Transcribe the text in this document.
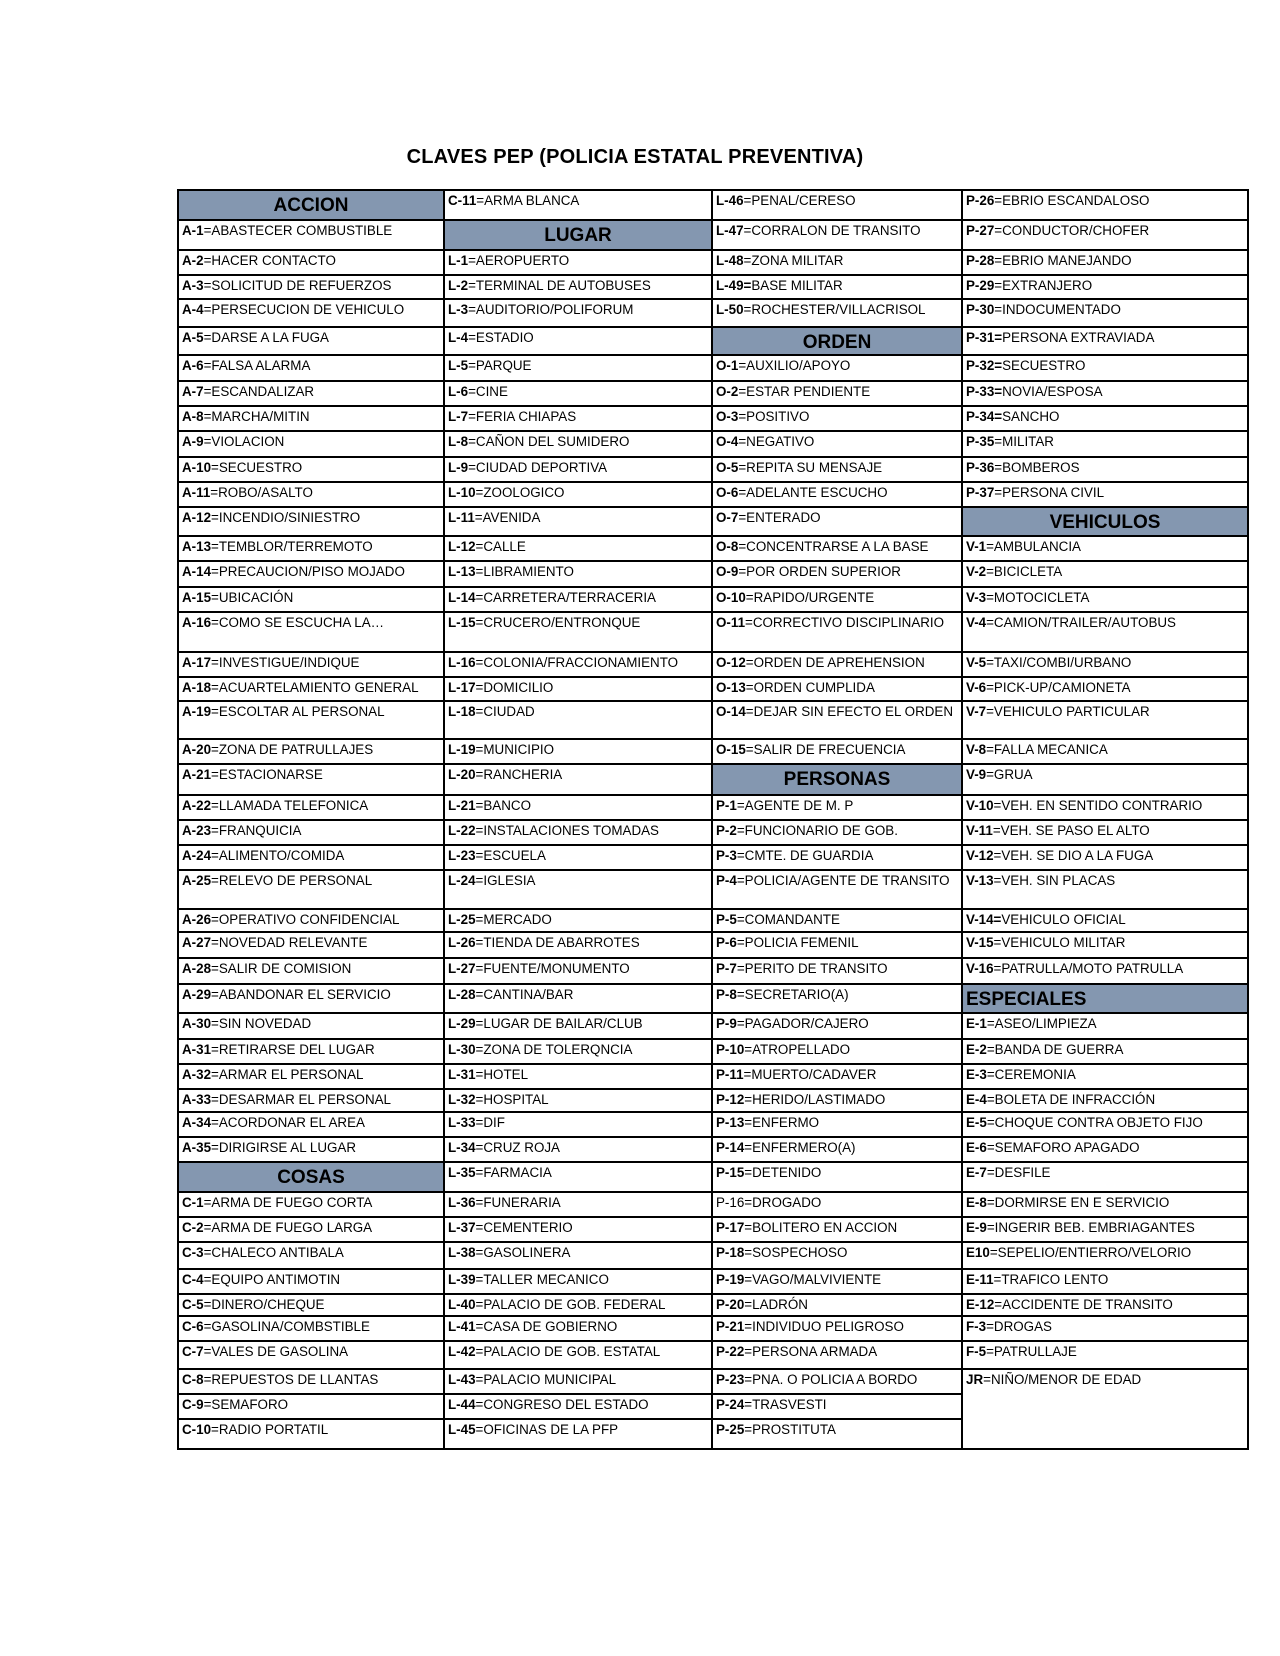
CLAVES PEP (POLICIA ESTATAL PREVENTIVA)
ACCION
A-1=ABASTECER COMBUSTIBLE
A-2=HACER CONTACTO
A-3=SOLICITUD DE REFUERZOS
A-4=PERSECUCION DE VEHICULO
A-5=DARSE A LA FUGA
A-6=FALSA ALARMA
A-7=ESCANDALIZAR
A-8=MARCHA/MITIN
A-9=VIOLACION
A-10=SECUESTRO
A-11=ROBO/ASALTO
A-12=INCENDIO/SINIESTRO
A-13=TEMBLOR/TERREMOTO
A-14=PRECAUCION/PISO MOJADO
A-15=UBICACIÓN
A-16=COMO SE ESCUCHA LA…
A-17=INVESTIGUE/INDIQUE
A-18=ACUARTELAMIENTO GENERAL
A-19=ESCOLTAR AL PERSONAL
A-20=ZONA DE PATRULLAJES
A-21=ESTACIONARSE
A-22=LLAMADA TELEFONICA
A-23=FRANQUICIA
A-24=ALIMENTO/COMIDA
A-25=RELEVO DE PERSONAL
A-26=OPERATIVO CONFIDENCIAL
A-27=NOVEDAD RELEVANTE
A-28=SALIR DE COMISION
A-29=ABANDONAR EL SERVICIO
A-30=SIN NOVEDAD
A-31=RETIRARSE DEL LUGAR
A-32=ARMAR EL PERSONAL
A-33=DESARMAR EL PERSONAL
A-34=ACORDONAR EL AREA
A-35=DIRIGIRSE AL LUGAR
COSAS
C-1=ARMA DE FUEGO CORTA
C-2=ARMA DE FUEGO LARGA
C-3=CHALECO ANTIBALA
C-4=EQUIPO ANTIMOTIN
C-5=DINERO/CHEQUE
C-6=GASOLINA/COMBSTIBLE
C-7=VALES DE GASOLINA
C-8=REPUESTOS DE LLANTAS
C-9=SEMAFORO
C-10=RADIO PORTATIL
C-11=ARMA BLANCA
LUGAR
L-1=AEROPUERTO
L-2=TERMINAL DE AUTOBUSES
L-3=AUDITORIO/POLIFORUM
L-4=ESTADIO
L-5=PARQUE
L-6=CINE
L-7=FERIA CHIAPAS
L-8=CAÑON DEL SUMIDERO
L-9=CIUDAD DEPORTIVA
L-10=ZOOLOGICO
L-11=AVENIDA
L-12=CALLE
L-13=LIBRAMIENTO
L-14=CARRETERA/TERRACERIA
L-15=CRUCERO/ENTRONQUE
L-16=COLONIA/FRACCIONAMIENTO
L-17=DOMICILIO
L-18=CIUDAD
L-19=MUNICIPIO
L-20=RANCHERIA
L-21=BANCO
L-22=INSTALACIONES TOMADAS
L-23=ESCUELA
L-24=IGLESIA
L-25=MERCADO
L-26=TIENDA DE ABARROTES
L-27=FUENTE/MONUMENTO
L-28=CANTINA/BAR
L-29=LUGAR DE BAILAR/CLUB
L-30=ZONA DE TOLERQNCIA
L-31=HOTEL
L-32=HOSPITAL
L-33=DIF
L-34=CRUZ ROJA
L-35=FARMACIA
L-36=FUNERARIA
L-37=CEMENTERIO
L-38=GASOLINERA
L-39=TALLER MECANICO
L-40=PALACIO DE GOB. FEDERAL
L-41=CASA DE GOBIERNO
L-42=PALACIO DE GOB. ESTATAL
L-43=PALACIO MUNICIPAL
L-44=CONGRESO DEL ESTADO
L-45=OFICINAS DE LA PFP
L-46=PENAL/CERESO
L-47=CORRALON DE TRANSITO
L-48=ZONA MILITAR
L-49=BASE MILITAR
L-50=ROCHESTER/VILLACRISOL
ORDEN
O-1=AUXILIO/APOYO
O-2=ESTAR PENDIENTE
O-3=POSITIVO
O-4=NEGATIVO
O-5=REPITA SU MENSAJE
O-6=ADELANTE ESCUCHO
O-7=ENTERADO
O-8=CONCENTRARSE A LA BASE
O-9=POR ORDEN SUPERIOR
O-10=RAPIDO/URGENTE
O-11=CORRECTIVO DISCIPLINARIO
O-12=ORDEN DE APREHENSION
O-13=ORDEN CUMPLIDA
O-14=DEJAR SIN EFECTO EL ORDEN
O-15=SALIR DE FRECUENCIA
PERSONAS
P-1=AGENTE DE M. P
P-2=FUNCIONARIO DE GOB.
P-3=CMTE. DE GUARDIA
P-4=POLICIA/AGENTE DE TRANSITO
P-5=COMANDANTE
P-6=POLICIA FEMENIL
P-7=PERITO DE TRANSITO
P-8=SECRETARIO(A)
P-9=PAGADOR/CAJERO
P-10=ATROPELLADO
P-11=MUERTO/CADAVER
P-12=HERIDO/LASTIMADO
P-13=ENFERMO
P-14=ENFERMERO(A)
P-15=DETENIDO
P-16=DROGADO
P-17=BOLITERO EN ACCION
P-18=SOSPECHOSO
P-19=VAGO/MALVIVIENTE
P-20=LADRÓN
P-21=INDIVIDUO PELIGROSO
P-22=PERSONA ARMADA
P-23=PNA. O POLICIA A BORDO
P-24=TRASVESTI
P-25=PROSTITUTA
P-26=EBRIO ESCANDALOSO
P-27=CONDUCTOR/CHOFER
P-28=EBRIO MANEJANDO
P-29=EXTRANJERO
P-30=INDOCUMENTADO
P-31=PERSONA EXTRAVIADA
P-32=SECUESTRO
P-33=NOVIA/ESPOSA
P-34=SANCHO
P-35=MILITAR
P-36=BOMBEROS
P-37=PERSONA CIVIL
VEHICULOS
V-1=AMBULANCIA
V-2=BICICLETA
V-3=MOTOCICLETA
V-4=CAMION/TRAILER/AUTOBUS
V-5=TAXI/COMBI/URBANO
V-6=PICK-UP/CAMIONETA
V-7=VEHICULO PARTICULAR
V-8=FALLA MECANICA
V-9=GRUA
V-10=VEH. EN SENTIDO CONTRARIO
V-11=VEH. SE PASO EL ALTO
V-12=VEH. SE DIO A LA FUGA
V-13=VEH. SIN PLACAS
V-14=VEHICULO OFICIAL
V-15=VEHICULO MILITAR
V-16=PATRULLA/MOTO PATRULLA
ESPECIALES
E-1=ASEO/LIMPIEZA
E-2=BANDA DE GUERRA
E-3=CEREMONIA
E-4=BOLETA DE INFRACCIÓN
E-5=CHOQUE CONTRA OBJETO FIJO
E-6=SEMAFORO APAGADO
E-7=DESFILE
E-8=DORMIRSE EN E SERVICIO
E-9=INGERIR BEB. EMBRIAGANTES
E10=SEPELIO/ENTIERRO/VELORIO
E-11=TRAFICO LENTO
E-12=ACCIDENTE DE TRANSITO
F-3=DROGAS
F-5=PATRULLAJE
JR=NIÑO/MENOR DE EDAD
